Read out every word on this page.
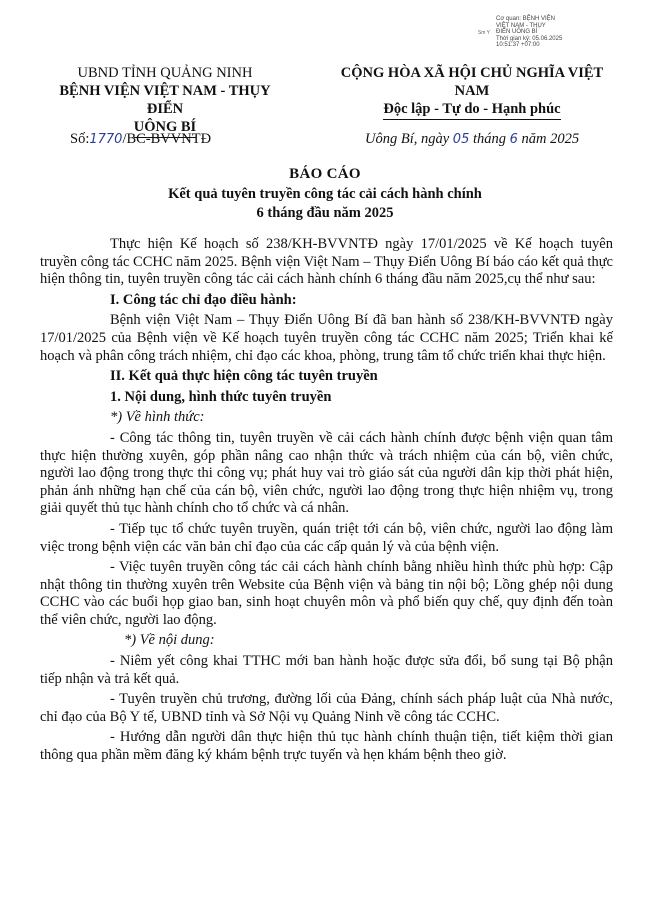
Sm Y
Cơ quan: BỆNH VIỆN
VIỆT NAM - THỤY
ĐIỂN UÔNG BÍ
Thời gian ký: 05.06.2025
10:51:37 +07:00
UBND TỈNH QUẢNG NINH
BỆNH VIỆN VIỆT NAM - THỤY ĐIỂN
UÔNG BÍ
CỘNG HÒA XÃ HỘI CHỦ NGHĨA VIỆT NAM
Độc lập - Tự do - Hạnh phúc
Số:1770/BC-BVVNTĐ	Uông Bí, ngày 05 tháng 6 năm 2025
BÁO CÁO
Kết quả tuyên truyền công tác cải cách hành chính
6 tháng đầu năm 2025

Thực hiện Kế hoạch số 238/KH-BVVNTĐ ngày 17/01/2025 về Kế hoạch tuyên truyền công tác CCHC năm 2025. Bệnh viện Việt Nam – Thụy Điển Uông Bí báo cáo kết quả thực hiện thông tin, tuyên truyền công tác cải cách hành chính 6 tháng đầu năm 2025,cụ thể như sau:

I. Công tác chỉ đạo điều hành:

Bệnh viện Việt Nam – Thụy Điển Uông Bí đã ban hành số 238/KH-BVVNTĐ ngày 17/01/2025 của Bệnh viện về Kế hoạch tuyên truyền công tác CCHC năm 2025; Triển khai kế hoạch và phân công trách nhiệm, chỉ đạo các khoa, phòng, trung tâm tổ chức triển khai thực hiện.

II. Kết quả thực hiện công tác tuyên truyền
1. Nội dung, hình thức tuyên truyền
*) Về hình thức:

- Công tác thông tin, tuyên truyền về cải cách hành chính được bệnh viện quan tâm thực hiện thường xuyên, góp phần nâng cao nhận thức và trách nhiệm của cán bộ, viên chức, người lao động trong thực thi công vụ; phát huy vai trò giáo sát của người dân kịp thời phát hiện, phản ánh những hạn chế của cán bộ, viên chức, người lao động trong thực hiện nhiệm vụ, trong giải quyết thủ tục hành chính cho tổ chức và cá nhân.

- Tiếp tục tổ chức tuyên truyền, quán triệt tới cán bộ, viên chức, người lao động làm việc trong bệnh viện các văn bản chỉ đạo của các cấp quản lý và của bệnh viện.

- Việc tuyên truyền công tác cải cách hành chính bằng nhiều hình thức phù hợp: Cập nhật thông tin thường xuyên trên Website của Bệnh viện và bảng tin nội bộ; Lồng ghép nội dung CCHC vào các buổi họp giao ban, sinh hoạt chuyên môn và phổ biến quy chế, quy định đến toàn thể viên chức, người lao động.

*) Về nội dung:

- Niêm yết công khai TTHC mới ban hành hoặc được sửa đổi, bổ sung tại Bộ phận tiếp nhận và trả kết quả.

- Tuyên truyền chủ trương, đường lối của Đảng, chính sách pháp luật của Nhà nước, chỉ đạo của Bộ Y tế, UBND tỉnh và Sở Nội vụ Quảng Ninh về công tác CCHC.

- Hướng dẫn người dân thực hiện thủ tục hành chính thuận tiện, tiết kiệm thời gian thông qua phần mềm đăng ký khám bệnh trực tuyến và hẹn khám bệnh theo giờ.
